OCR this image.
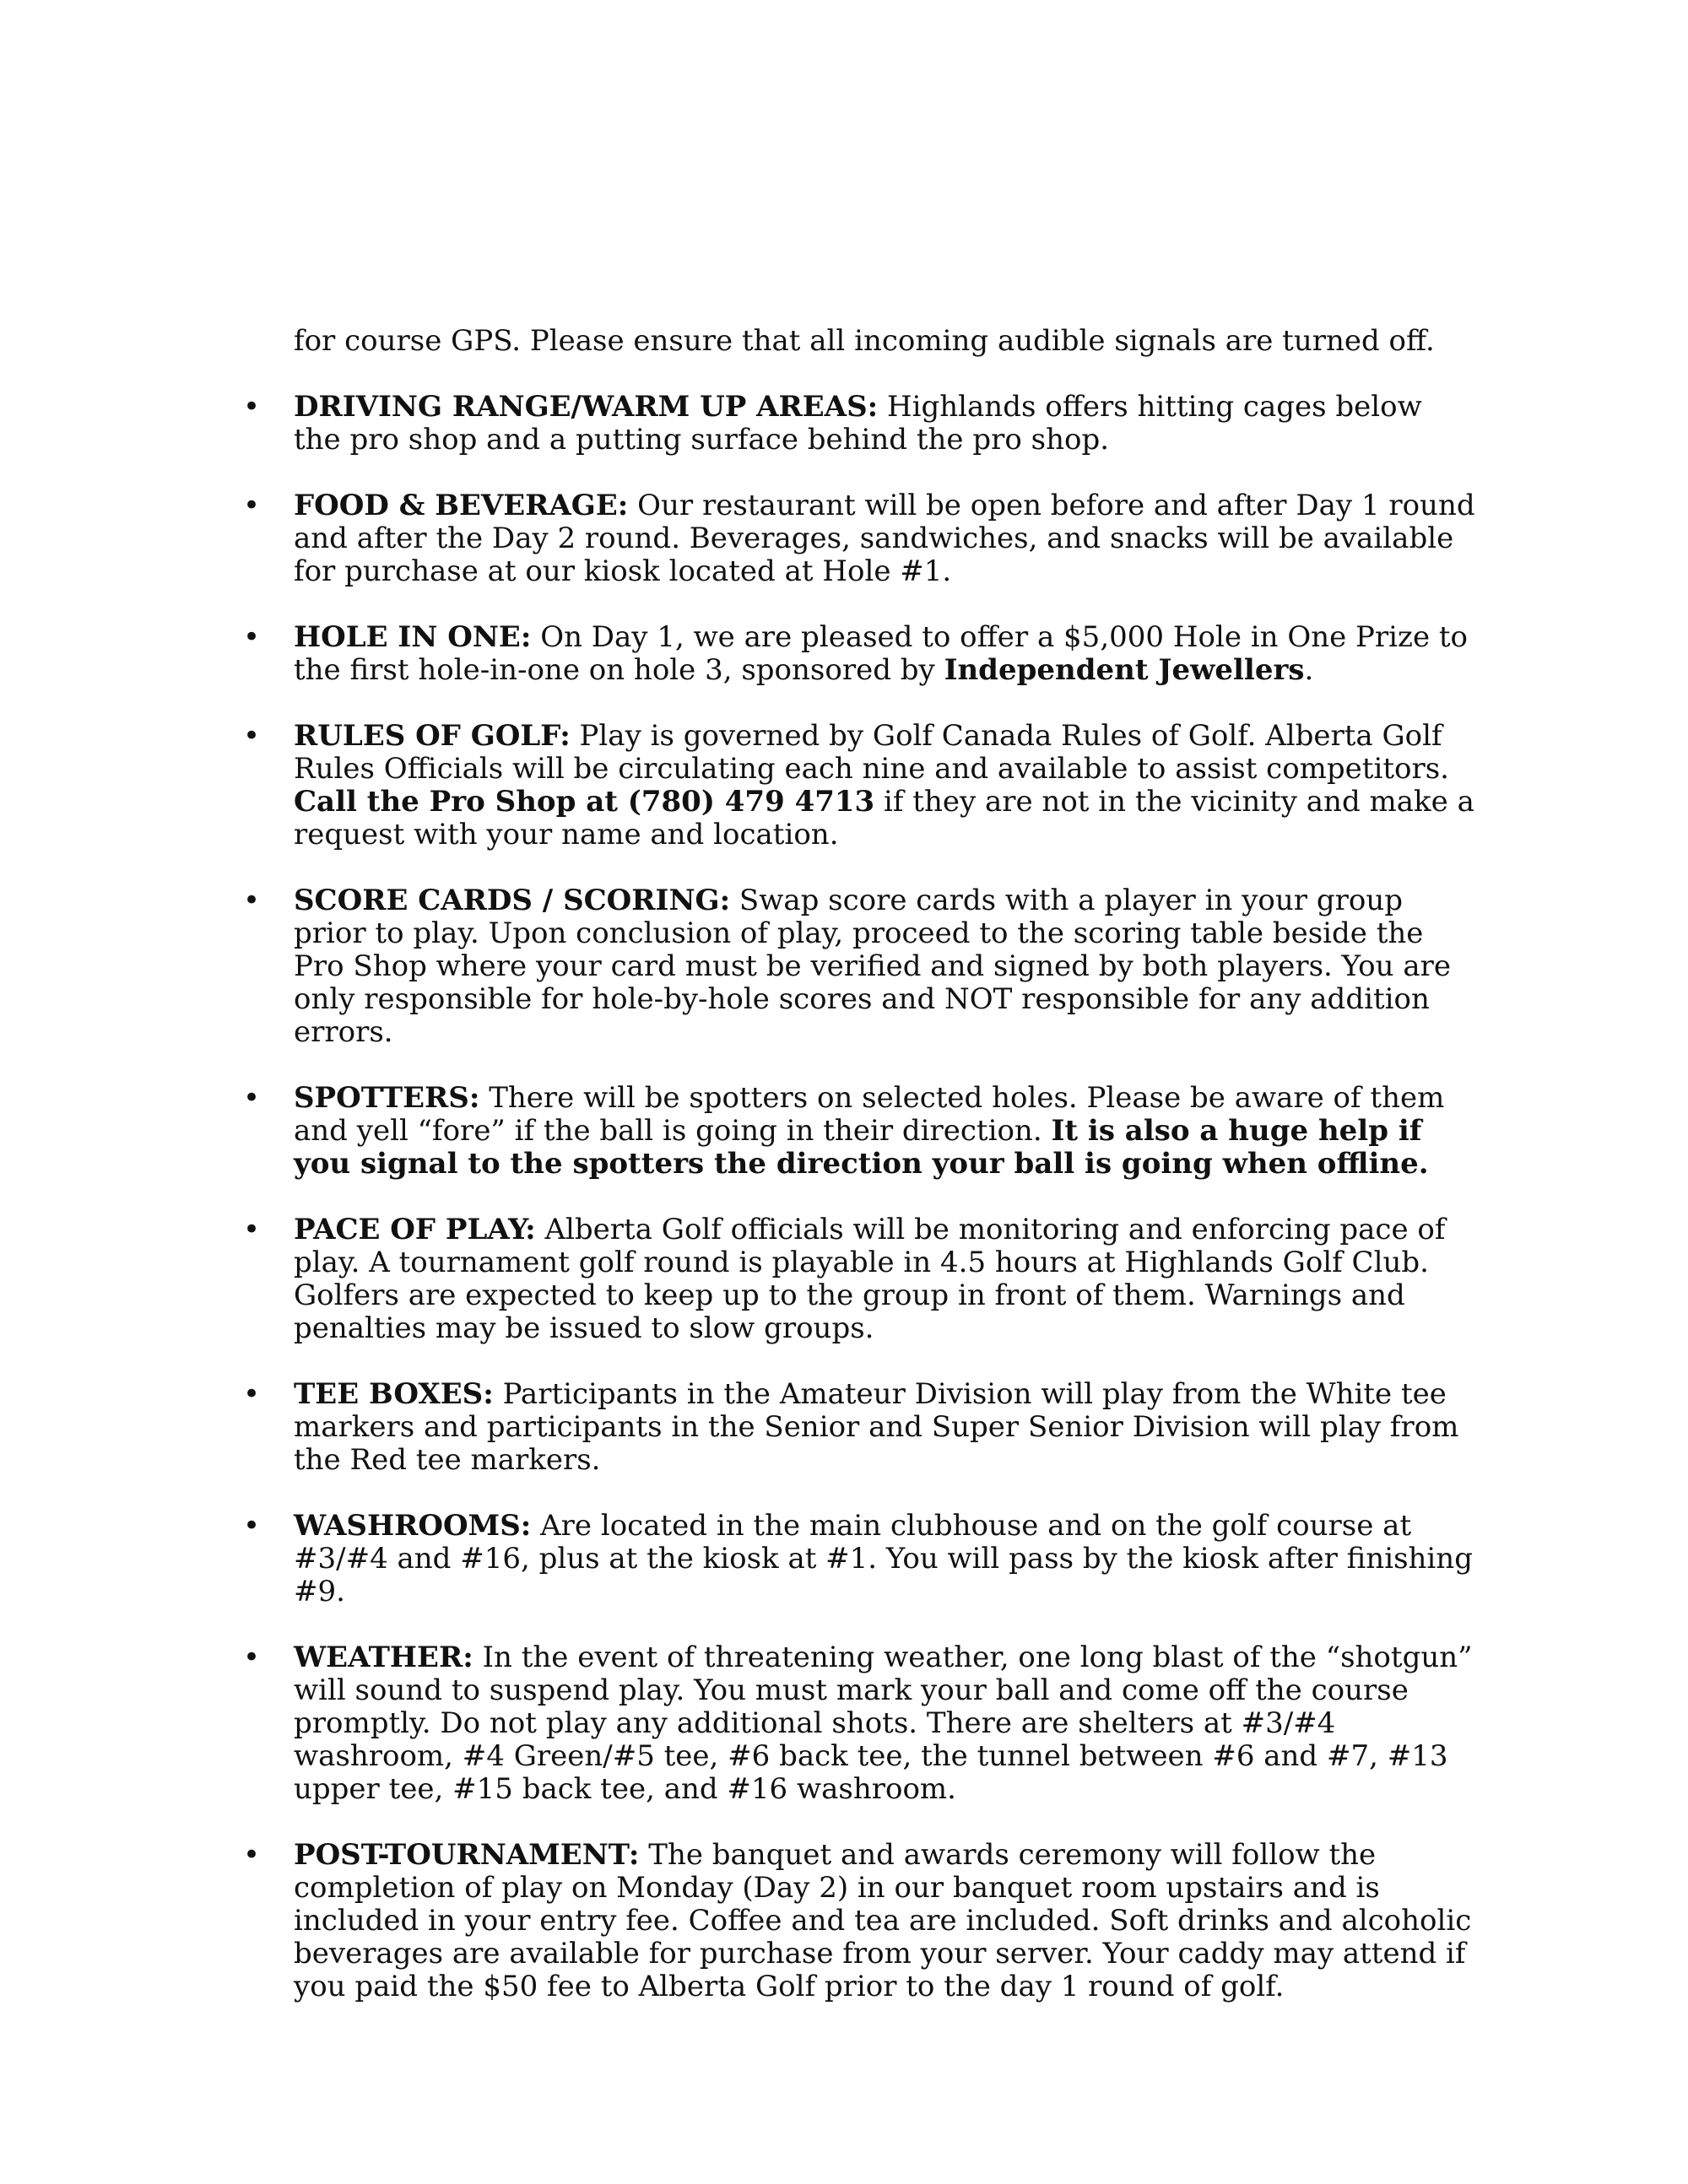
for course GPS. Please ensure that all incoming audible signals are turned off.

• DRIVING RANGE/WARM UP AREAS: Highlands offers hitting cages below the pro shop and a putting surface behind the pro shop.
• FOOD & BEVERAGE: Our restaurant will be open before and after Day 1 round and after the Day 2 round. Beverages, sandwiches, and snacks will be available for purchase at our kiosk located at Hole #1.
• HOLE IN ONE: On Day 1, we are pleased to offer a $5,000 Hole in One Prize to the first hole-in-one on hole 3, sponsored by Independent Jewellers.
• RULES OF GOLF: Play is governed by Golf Canada Rules of Golf. Alberta Golf Rules Officials will be circulating each nine and available to assist competitors. Call the Pro Shop at (780) 479 4713 if they are not in the vicinity and make a request with your name and location.
• SCORE CARDS / SCORING: Swap score cards with a player in your group prior to play. Upon conclusion of play, proceed to the scoring table beside the Pro Shop where your card must be verified and signed by both players. You are only responsible for hole-by-hole scores and NOT responsible for any addition errors.
• SPOTTERS: There will be spotters on selected holes. Please be aware of them and yell “fore” if the ball is going in their direction. It is also a huge help if you signal to the spotters the direction your ball is going when offline.
• PACE OF PLAY: Alberta Golf officials will be monitoring and enforcing pace of play. A tournament golf round is playable in 4.5 hours at Highlands Golf Club. Golfers are expected to keep up to the group in front of them. Warnings and penalties may be issued to slow groups.
• TEE BOXES: Participants in the Amateur Division will play from the White tee markers and participants in the Senior and Super Senior Division will play from the Red tee markers.
• WASHROOMS: Are located in the main clubhouse and on the golf course at #3/#4 and #16, plus at the kiosk at #1. You will pass by the kiosk after finishing #9.
• WEATHER: In the event of threatening weather, one long blast of the “shotgun” will sound to suspend play. You must mark your ball and come off the course promptly. Do not play any additional shots. There are shelters at #3/#4 washroom, #4 Green/#5 tee, #6 back tee, the tunnel between #6 and #7, #13 upper tee, #15 back tee, and #16 washroom.
• POST-TOURNAMENT: The banquet and awards ceremony will follow the completion of play on Monday (Day 2) in our banquet room upstairs and is included in your entry fee. Coffee and tea are included. Soft drinks and alcoholic beverages are available for purchase from your server. Your caddy may attend if you paid the $50 fee to Alberta Golf prior to the day 1 round of golf.
